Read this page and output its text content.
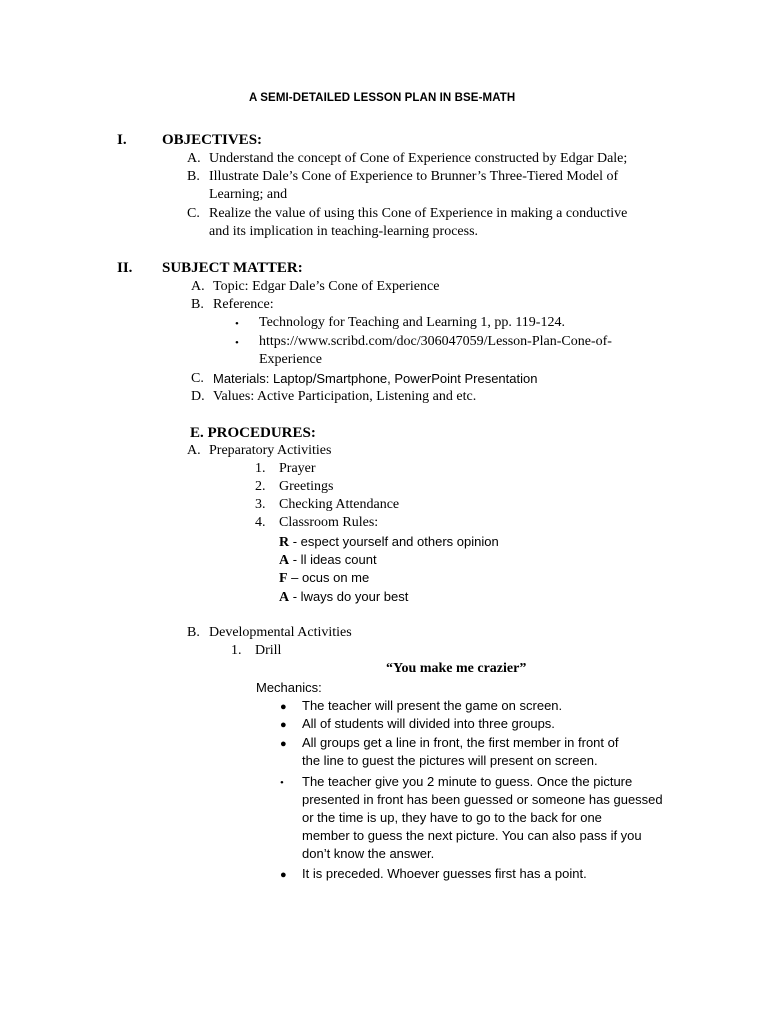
A SEMI-DETAILED LESSON PLAN IN BSE-MATH
I. OBJECTIVES:
A. Understand the concept of Cone of Experience constructed by Edgar Dale;
B. Illustrate Dale’s Cone of Experience to Brunner’s Three-Tiered Model of
Learning; and
C. Realize the value of using this Cone of Experience in making a conductive
and its implication in teaching-learning process.
II. SUBJECT MATTER:
A. Topic: Edgar Dale’s Cone of Experience
B. Reference:
• Technology for Teaching and Learning 1, pp. 119-124.
• https://www.scribd.com/doc/306047059/Lesson-Plan-Cone-of-
Experience
C. Materials: Laptop/Smartphone, PowerPoint Presentation
D. Values: Active Participation, Listening and etc.
E. PROCEDURES:
A. Preparatory Activities
1. Prayer
2. Greetings
3. Checking Attendance
4. Classroom Rules:
R - espect yourself and others opinion
A - ll ideas count
F – ocus on me
A - lways do your best
B. Developmental Activities
1. Drill
“You make me crazier”
Mechanics:
● The teacher will present the game on screen.
● All of students will divided into three groups.
● All groups get a line in front, the first member in front of
the line to guest the pictures will present on screen.
• The teacher give you 2 minute to guess. Once the picture
presented in front has been guessed or someone has guessed
or the time is up, they have to go to the back for one
member to guess the next picture. You can also pass if you
don’t know the answer.
● It is preceded. Whoever guesses first has a point.
